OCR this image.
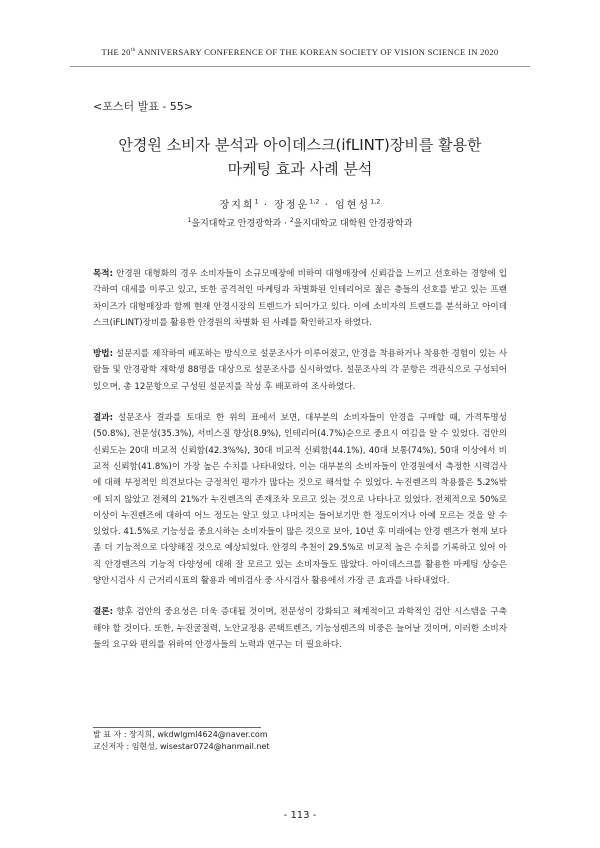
THE 20th ANNIVERSARY CONFERENCE OF THE KOREAN SOCIETY OF VISION SCIENCE IN 2020
<포스터 발표 - 55>
안경원 소비자 분석과 아이데스크(ifLINT)장비를 활용한
마케팅 효과 사례 분석
장지희$^1$ · 장정운$^{1,2}$ · 임현성$^{1,2}$
$^1$을지대학교 안경광학과 · $^2$을지대학교 대학원 안경광학과

목적: 안경원 대형화의 경우 소비자들이 소규모매장에 비하여 대형매장에 신뢰감을 느끼고 선호하는 경향에 입각하여 대세를 이루고 있고, 또한 공격적인 마케팅과 차별화된 인테리어로 젊은 층들의 선호를 받고 있는 프랜차이즈가 대형매장과 함께 현재 안경시장의 트렌드가 되어가고 있다. 이에 소비자의 트랜드를 분석하고 아이데스크(iFLINT)장비를 활용한 안경원의 차별화 된 사례를 확인하고자 하였다.

방법: 설문지를 제작하여 배포하는 방식으로 설문조사가 이루어졌고, 안경을 착용하거나 착용한 경험이 있는 사람들 및 안경광학 재학생 88명을 대상으로 설문조사를 실시하였다. 설문조사의 각 문항은 객관식으로 구성되어 있으며, 총 12문항으로 구성된 설문지를 작성 후 배포하여 조사하였다.

결과: 설문조사 결과를 토대로 한 위의 표에서 보면, 대부분의 소비자들이 안경을 구매할 때, 가격투명성(50.8%), 전문성(35.3%), 서비스질 향상(8.9%), 인테리어(4.7%)순으로 중요시 여김을 알 수 있었다. 검안의 신뢰도는 20대 비교적 신뢰함(42.3%%), 30대 비교적 신뢰함(44.1%), 40대 보통(74%), 50대 이상에서 비교적 신뢰함(41.8%)이 가장 높은 수치를 나타내었다. 이는 대부분의 소비자들이 안경원에서 측정한 시력검사에 대해 부정적인 의견보다는 긍정적인 평가가 많다는 것으로 해석할 수 있었다. 누진렌즈의 착용률은 5.2%밖에 되지 않았고 전체의 21%가 누진렌즈의 존재조차 모르고 있는 것으로 나타나고 있었다. 전체적으로 50%로이상이 누진렌즈에 대하여 어느 정도는 알고 있고 나머지는 들어보기만 한 정도이거나 아예 모르는 것을 알 수 있었다. 41.5%로 기능성을 중요시하는 소비자들이 많은 것으로 보아, 10년 후 미래에는 안경 렌즈가 현재 보다 좀 더 기능적으로 다양해질 것으로 예상되었다. 안경의 추천이 29.5%로 비교적 높은 수치를 기록하고 있어 아직 안경렌즈의 기능적 다양성에 대해 잘 모르고 있는 소비자들도 많았다. 아이데스크를 활용한 마케팅 상승은 양안시검사 시 근거리시표의 활용과 예비검사 중 사시검사 활용에서 가장 큰 효과를 나타내었다.

결론: 향후 검안의 중요성은 더욱 증대될 것이며, 전문성이 강화되고 체계적이고 과학적인 검안 시스템을 구축해야 할 것이다. 또한, 누진굴절력, 노안교정용 콘택트렌즈, 기능성렌즈의 비중은 늘어날 것이며, 이러한 소비자들의 요구와 편의를 위하여 안경사들의 노력과 연구는 더 필요하다.

발 표 자 : 장지희, wkdwlgml4624@naver.com
교신저자 : 임현성, wisestar0724@hanmail.net
- 113 -
